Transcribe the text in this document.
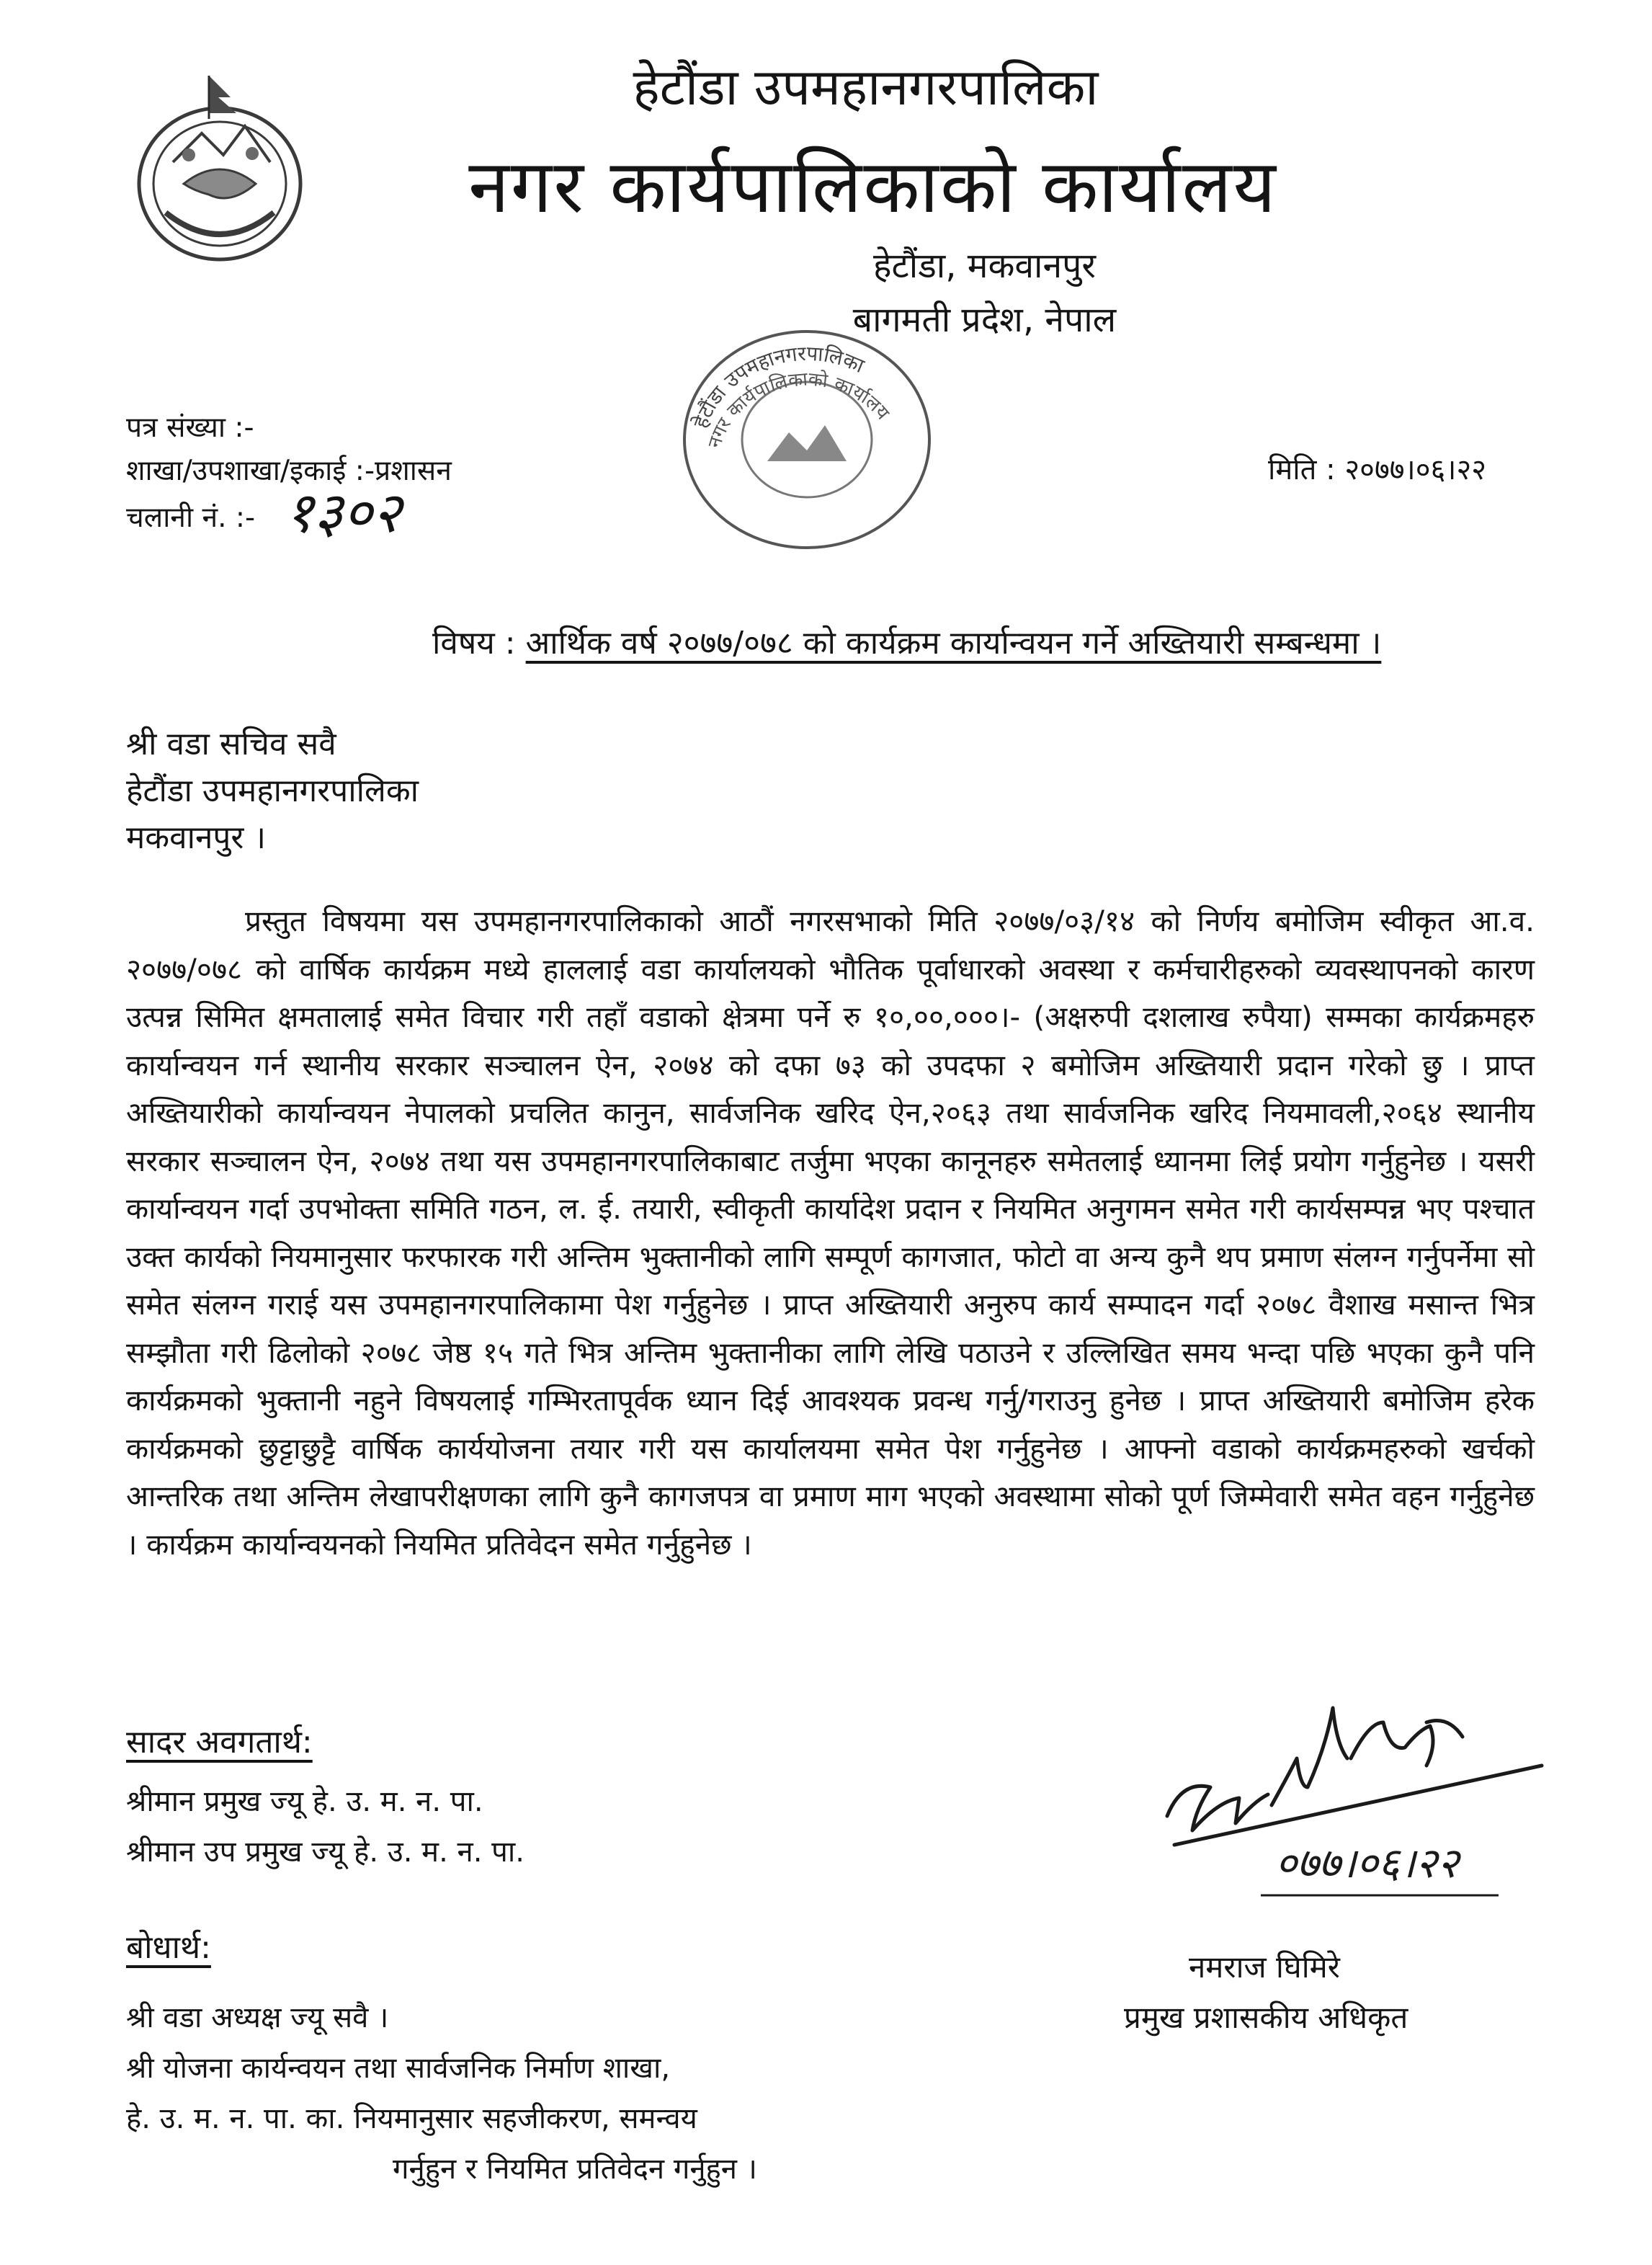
हेटौंडा उपमहानगरपालिका
नगर कार्यपालिकाको कार्यालय
हेटौंडा, मकवानपुर
बागमती प्रदेश, नेपाल
हेटौंडा उपमहानगरपालिका
नगर कार्यपालिकाको कार्यालय
पत्र संख्या :-
शाखा/उपशाखा/इकाई :-प्रशासन
चलानी नं. :- १३०२
मिति : २०७७।०६।२२
विषय : आर्थिक वर्ष २०७७/०७८ को कार्यक्रम कार्यान्वयन गर्ने अख्तियारी सम्बन्धमा ।
श्री वडा सचिव सवै
हेटौंडा उपमहानगरपालिका
मकवानपुर ।
प्रस्तुत विषयमा यस उपमहानगरपालिकाको आठौं नगरसभाको मिति २०७७/०३/१४ को निर्णय बमोजिम स्वीकृत आ.व. २०७७/०७८ को वार्षिक कार्यक्रम मध्ये हाललाई वडा कार्यालयको भौतिक पूर्वाधारको अवस्था र कर्मचारीहरुको व्यवस्थापनको कारण उत्पन्न सिमित क्षमतालाई समेत विचार गरी तहाँ वडाको क्षेत्रमा पर्ने रु १०,००,०००।- (अक्षरुपी दशलाख रुपैया) सम्मका कार्यक्रमहरु कार्यान्वयन गर्न स्थानीय सरकार सञ्चालन ऐन, २०७४ को दफा ७३ को उपदफा २ बमोजिम अख्तियारी प्रदान गरेको छु । प्राप्त अख्तियारीको कार्यान्वयन नेपालको प्रचलित कानुन, सार्वजनिक खरिद ऐन,२०६३ तथा सार्वजनिक खरिद नियमावली,२०६४ स्थानीय सरकार सञ्चालन ऐन, २०७४ तथा यस उपमहानगरपालिकाबाट तर्जुमा भएका कानूनहरु समेतलाई ध्यानमा लिई प्रयोग गर्नुहुनेछ । यसरी कार्यान्वयन गर्दा उपभोक्ता समिति गठन, ल. ई. तयारी, स्वीकृती कार्यादेश प्रदान र नियमित अनुगमन समेत गरी कार्यसम्पन्न भए पश्चात उक्त कार्यको नियमानुसार फरफारक गरी अन्तिम भुक्तानीको लागि सम्पूर्ण कागजात, फोटो वा अन्य कुनै थप प्रमाण संलग्न गर्नुपर्नेमा सो समेत संलग्न गराई यस उपमहानगरपालिकामा पेश गर्नुहुनेछ । प्राप्त अख्तियारी अनुरुप कार्य सम्पादन गर्दा २०७८ वैशाख मसान्त भित्र सम्झौता गरी ढिलोको २०७८ जेष्ठ १५ गते भित्र अन्तिम भुक्तानीका लागि लेखि पठाउने र उल्लिखित समय भन्दा पछि भएका कुनै पनि कार्यक्रमको भुक्तानी नहुने विषयलाई गम्भिरतापूर्वक ध्यान दिई आवश्यक प्रवन्ध गर्नु/गराउनु हुनेछ । प्राप्त अख्तियारी बमोजिम हरेक कार्यक्रमको छुट्टाछुट्टै वार्षिक कार्ययोजना तयार गरी यस कार्यालयमा समेत पेश गर्नुहुनेछ । आफ्नो वडाको कार्यक्रमहरुको खर्चको आन्तरिक तथा अन्तिम लेखापरीक्षणका लागि कुनै कागजपत्र वा प्रमाण माग भएको अवस्थामा सोको पूर्ण जिम्मेवारी समेत वहन गर्नुहुनेछ । कार्यक्रम कार्यान्वयनको नियमित प्रतिवेदन समेत गर्नुहुनेछ ।
सादर अवगतार्थ:
श्रीमान प्रमुख ज्यू हे. उ. म. न. पा.
श्रीमान उप प्रमुख ज्यू हे. उ. म. न. पा.
बोधार्थ:
श्री वडा अध्यक्ष ज्यू सवै ।
श्री योजना कार्यन्वयन तथा सार्वजनिक निर्माण शाखा,
हे. उ. म. न. पा. का. नियमानुसार सहजीकरण, समन्वय
गर्नुहुन र नियमित प्रतिवेदन गर्नुहुन ।
०७७।०६।२२
नमराज घिमिरे
प्रमुख प्रशासकीय अधिकृत
